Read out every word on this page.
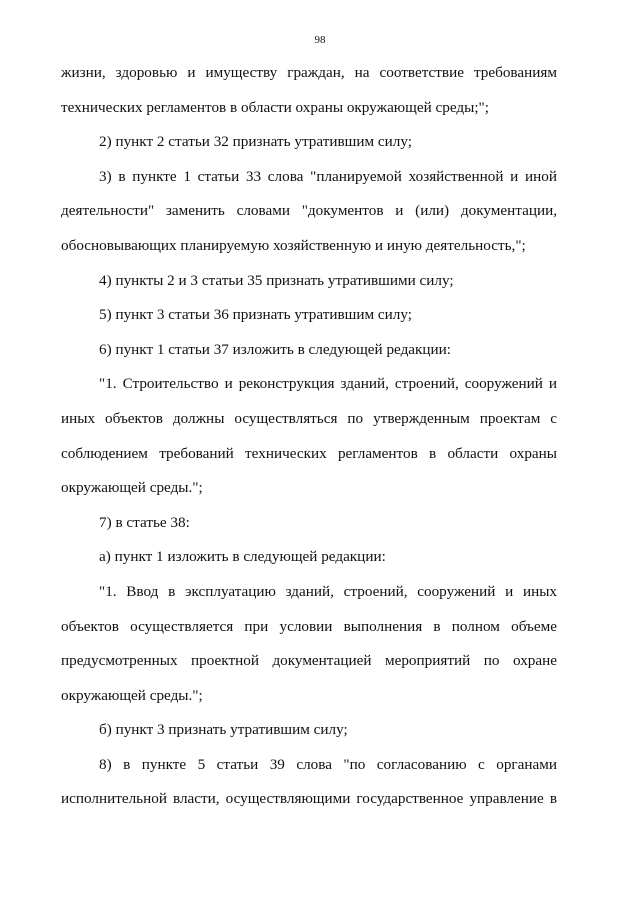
98

жизни, здоровью и имуществу граждан, на соответствие требованиям технических регламентов в области охраны окружающей среды;";

2) пункт 2 статьи 32 признать утратившим силу;

3) в пункте 1 статьи 33 слова "планируемой хозяйственной и иной деятельности" заменить словами "документов и (или) документации, обосновывающих планируемую хозяйственную и иную деятельность,";

4) пункты 2 и 3 статьи 35 признать утратившими силу;

5) пункт 3 статьи 36 признать утратившим силу;

6) пункт 1 статьи 37 изложить в следующей редакции:

"1. Строительство и реконструкция зданий, строений, сооружений и иных объектов должны осуществляться по утвержденным проектам с соблюдением требований технических регламентов в области охраны окружающей среды.";

7) в статье 38:

а) пункт 1 изложить в следующей редакции:

"1. Ввод в эксплуатацию зданий, строений, сооружений и иных объектов осуществляется при условии выполнения в полном объеме предусмотренных проектной документацией мероприятий по охране окружающей среды.";

б) пункт 3 признать утратившим силу;

8) в пункте 5 статьи 39 слова "по согласованию с органами исполнительной власти, осуществляющими государственное управление в
